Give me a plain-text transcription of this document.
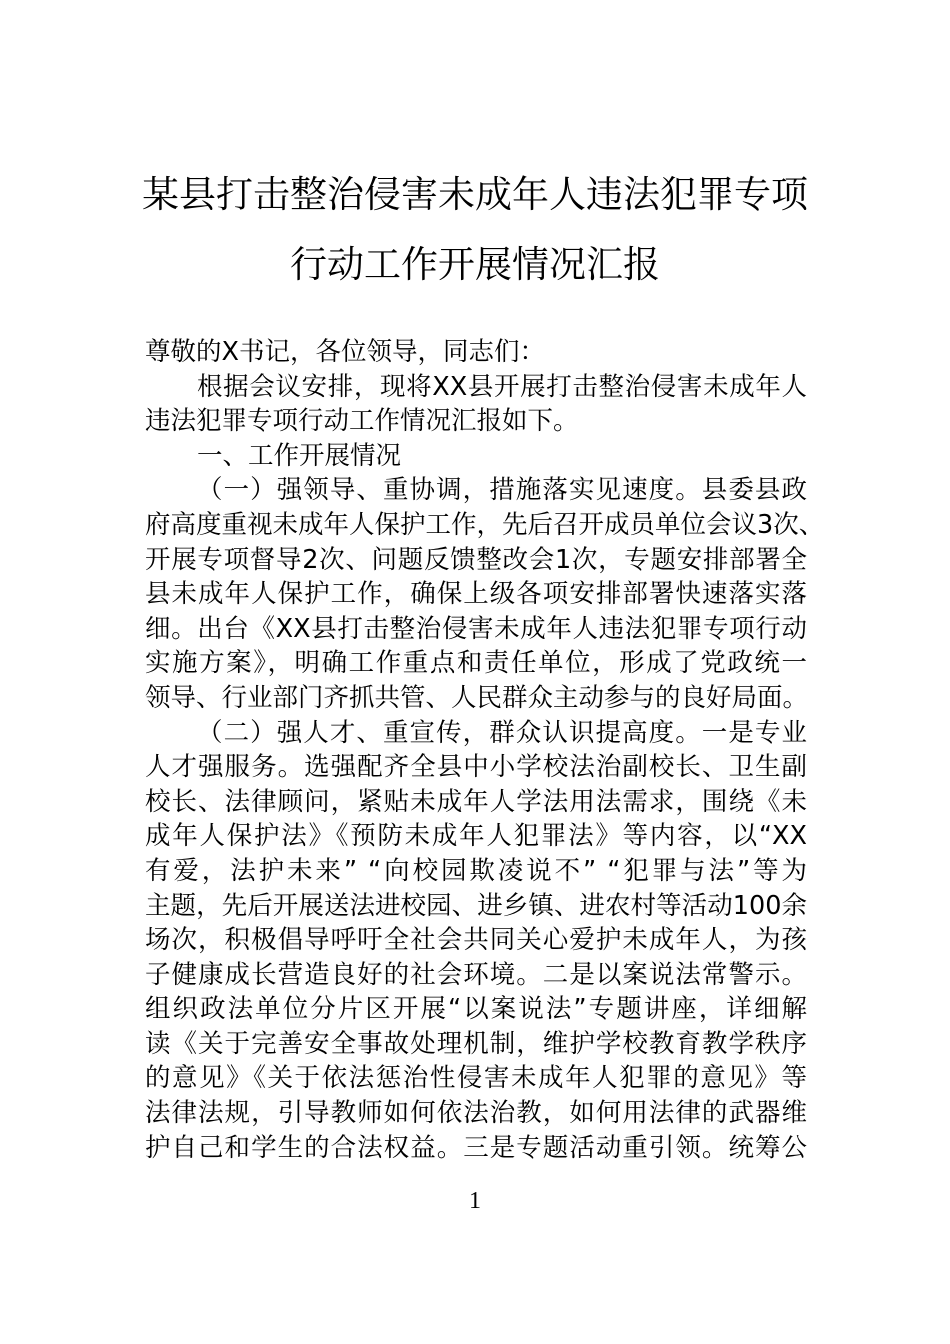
某县打击整治侵害未成年人违法犯罪专项
行动工作开展情况汇报
尊敬的X书记，各位领导，同志们：
根据会议安排，现将XX县开展打击整治侵害未成年人
违法犯罪专项行动工作情况汇报如下。
一、工作开展情况
（一）强领导、重协调，措施落实见速度。县委县政
府高度重视未成年人保护工作，先后召开成员单位会议3次、
开展专项督导2次、问题反馈整改会1次，专题安排部署全
县未成年人保护工作，确保上级各项安排部署快速落实落
细。出台《XX县打击整治侵害未成年人违法犯罪专项行动
实施方案》，明确工作重点和责任单位，形成了党政统一
领导、行业部门齐抓共管、人民群众主动参与的良好局面。
（二）强人才、重宣传，群众认识提高度。一是专业
人才强服务。选强配齐全县中小学校法治副校长、卫生副
校长、法律顾问，紧贴未成年人学法用法需求，围绕《未
成年人保护法》《预防未成年人犯罪法》等内容，以“XX
有爱，法护未来” “向校园欺凌说不” “犯罪与法”等为
主题，先后开展送法进校园、进乡镇、进农村等活动100余
场次，积极倡导呼吁全社会共同关心爱护未成年人，为孩
子健康成长营造良好的社会环境。二是以案说法常警示。
组织政法单位分片区开展“以案说法”专题讲座，详细解
读《关于完善安全事故处理机制，维护学校教育教学秩序
的意见》《关于依法惩治性侵害未成年人犯罪的意见》等
法律法规，引导教师如何依法治教，如何用法律的武器维
护自己和学生的合法权益。三是专题活动重引领。统筹公
1
